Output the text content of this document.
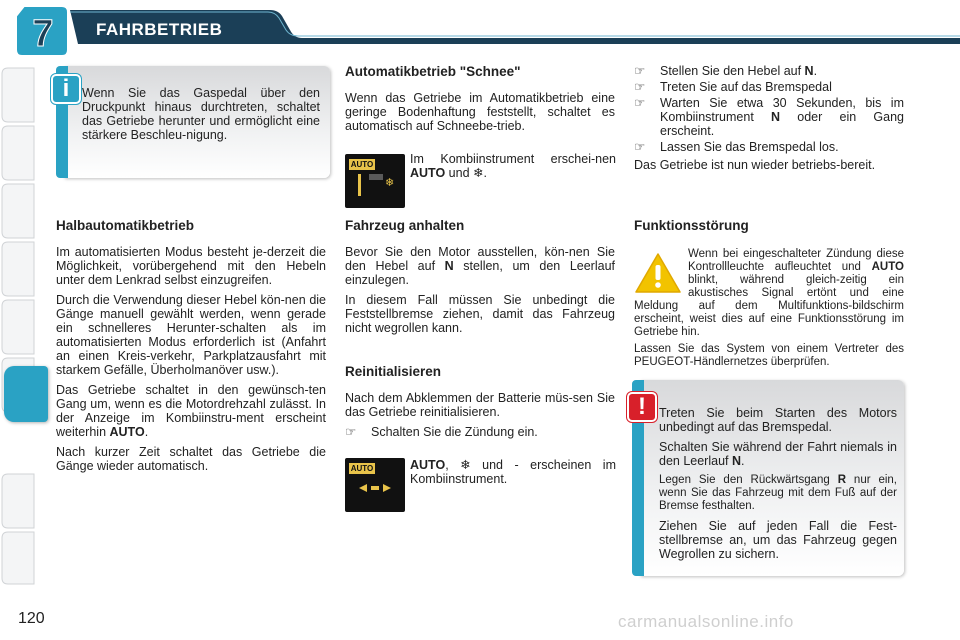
7 FAHRBETRIEB
i	Wenn Sie das Gaspedal über den Druckpunkt hinaus durchtreten, schaltet das Getriebe herunter und ermöglicht eine stärkere Beschleu-nigung.
Halbautomatikbetrieb

Im automatisierten Modus besteht je-derzeit die Möglichkeit, vorübergehend mit den Hebeln unter dem Lenkrad selbst einzugreifen.

Durch die Verwendung dieser Hebel kön-nen die Gänge manuell gewählt werden, wenn gerade ein schnelleres Herunter-schalten als im automatisierten Modus erforderlich ist (Anfahrt an einen Kreis-verkehr, Parkplatzausfahrt mit starkem Gefälle, Überholmanöver usw.).

Das Getriebe schaltet in den gewünsch-ten Gang um, wenn es die Motordrehzahl zulässt. In der Anzeige im Kombiinstru-ment erscheint weiterhin AUTO.

Nach kurzer Zeit schaltet das Getriebe die Gänge wieder automatisch.

Automatikbetrieb "Schnee"

Wenn das Getriebe im Automatikbetrieb eine geringe Bodenhaftung feststellt, schaltet es automatisch auf Schneebe-trieb.

AUTO
❄
Im Kombiinstrument erschei-nen AUTO und ❄.
Fahrzeug anhalten

Bevor Sie den Motor ausstellen, kön-nen Sie den Hebel auf N stellen, um den Leerlauf einzulegen.

In diesem Fall müssen Sie unbedingt die Feststellbremse ziehen, damit das Fahrzeug nicht wegrollen kann.

Reinitialisieren

Nach dem Abklemmen der Batterie müs-sen Sie das Getriebe reinitialisieren.

☞	Schalten Sie die Zündung ein.
AUTO	AUTO, ❄ und - erscheinen im Kombiinstrument.
☞	Stellen Sie den Hebel auf N.
☞	Treten Sie auf das Bremspedal
☞	Warten Sie etwa 30 Sekunden, bis im Kombiinstrument N oder ein Gang erscheint.
☞	Lassen Sie das Bremspedal los.

Das Getriebe ist nun wieder betriebs-bereit.

Funktionsstörung
Wenn bei eingeschalteter Zündung diese Kontrollleuchte aufleuchtet und AUTO blinkt, während gleich-zeitig ein akustisches Signal ertönt und eine Meldung auf dem Multifunktions-bildschirm erscheint, weist dies auf eine Funktionsstörung im Getriebe hin.
Lassen Sie das System von einem Vertreter des PEUGEOT-Händlernetzes überprüfen.
!	Treten Sie beim Starten des Motors unbedingt auf das Bremspedal.

Schalten Sie während der Fahrt niemals in den Leerlauf N.

Legen Sie den Rückwärtsgang R nur ein, wenn Sie das Fahrzeug mit dem Fuß auf der Bremse festhalten.

Ziehen Sie auf jeden Fall die Fest-stellbremse an, um das Fahrzeug gegen Wegrollen zu sichern.

120	carmanualsonline.info
